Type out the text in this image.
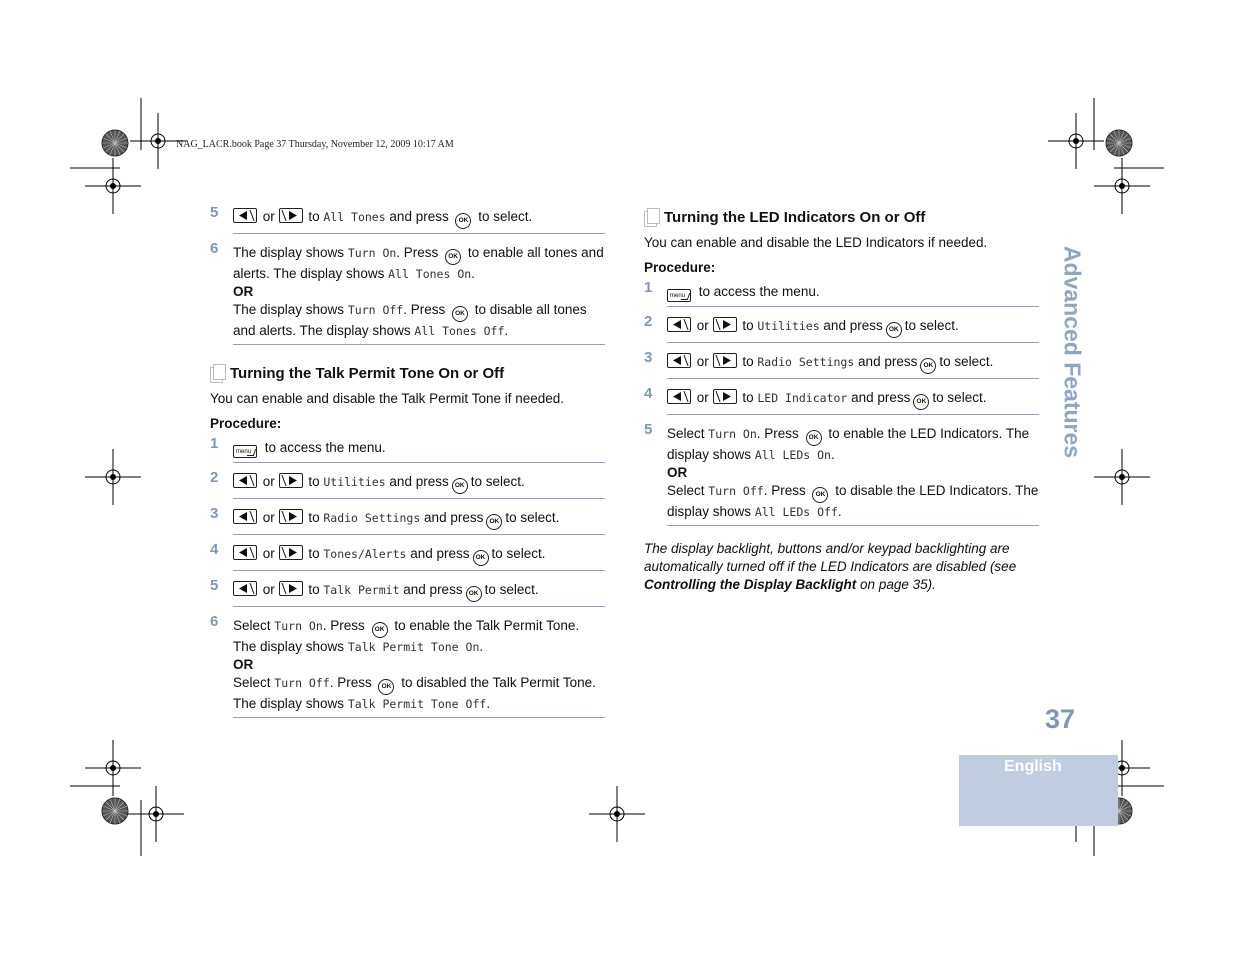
NAG_LACR.book Page 37 Thursday, November 12, 2009 10:17 AM
5	or to All Tones and press OK to select.
6 The display shows Turn On. Press OK to enable all tones and alerts. The display shows All Tones On.
OR
The display shows Turn Off. Press OK to disable all tones and alerts. The display shows All Tones Off.
Turning the Talk Permit Tone On or Off
You can enable and disable the Talk Permit Tone if needed.
Procedure:
1	menu to access the menu.
2	or to Utilities and press OK to select.
3	or to Radio Settings and press OK to select.
4	or to Tones/Alerts and press OK to select.
5	or to Talk Permit and press OK to select.
6 Select Turn On. Press OK to enable the Talk Permit Tone. The display shows Talk Permit Tone On.
OR
Select Turn Off. Press OK to disabled the Talk Permit Tone. The display shows Talk Permit Tone Off.
Turning the LED Indicators On or Off
You can enable and disable the LED Indicators if needed.
Procedure:
1	menu to access the menu.
2	or to Utilities and press OK to select.
3	or to Radio Settings and press OK to select.
4	or to LED Indicator and press OK to select.
5 Select Turn On. Press OK to enable the LED Indicators. The display shows All LEDs On.
OR
Select Turn Off. Press OK to disable the LED Indicators. The display shows All LEDs Off.
The display backlight, buttons and/or keypad backlighting are automatically turned off if the LED Indicators are disabled (see Controlling the Display Backlight on page 35).
Advanced Features
37
English
